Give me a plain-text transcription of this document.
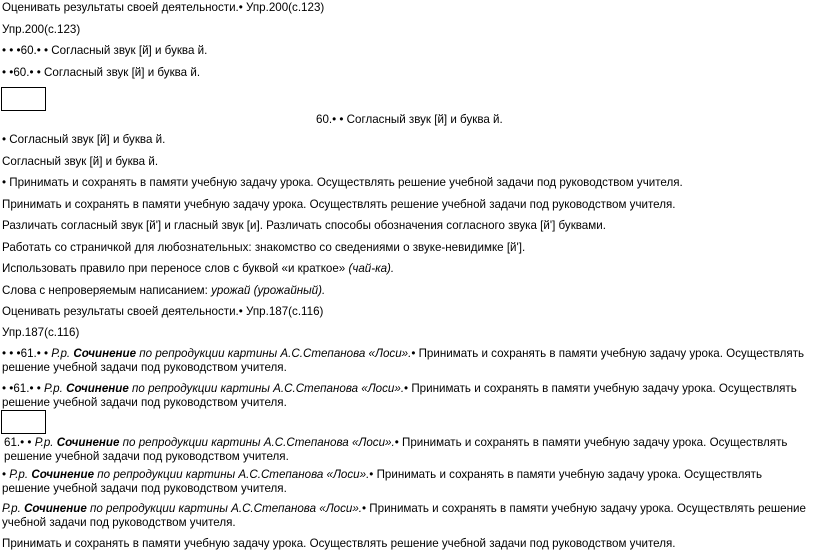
Оценивать результаты своей деятельности.• Упр.200(с.123)
Упр.200(с.123)
• • •60.• • Согласный звук [й] и буква й.
• •60.• • Согласный звук [й] и буква й.
60.• • Согласный звук [й] и буква й.
• Согласный звук [й] и буква й.
Согласный звук [й] и буква й.
• Принимать и сохранять в памяти учебную задачу урока. Осуществлять решение учебной задачи под руководством учителя.
Принимать и сохранять в памяти учебную задачу урока. Осуществлять решение учебной задачи под руководством учителя.
Различать согласный звук [й'] и гласный звук [и]. Различать способы обозначения согласного звука [й'] буквами.
Работать со страничкой для любознательных: знакомство со сведениями о звуке-невидимке [й'].
Использовать правило при переносе слов с буквой «и краткое» (чай-ка).
Слова с непроверяемым написанием: урожай (урожайный).
Оценивать результаты своей деятельности.• Упр.187(с.116)
Упр.187(с.116)
• • •61.• • Р.р. Сочинение по репродукции картины А.С.Степанова «Лоси».• Принимать и сохранять в памяти учебную задачу урока. Осуществлять решение учебной задачи под руководством учителя.
• •61.• • Р.р. Сочинение по репродукции картины А.С.Степанова «Лоси».• Принимать и сохранять в памяти учебную задачу урока. Осуществлять решение учебной задачи под руководством учителя.
61.• • Р.р. Сочинение по репродукции картины А.С.Степанова «Лоси».• Принимать и сохранять в памяти учебную задачу урока. Осуществлять решение учебной задачи под руководством учителя.
• Р.р. Сочинение по репродукции картины А.С.Степанова «Лоси».• Принимать и сохранять в памяти учебную задачу урока. Осуществлять решение учебной задачи под руководством учителя.
Р.р. Сочинение по репродукции картины А.С.Степанова «Лоси».• Принимать и сохранять в памяти учебную задачу урока. Осуществлять решение учебной задачи под руководством учителя.
Принимать и сохранять в памяти учебную задачу урока. Осуществлять решение учебной задачи под руководством учителя.
